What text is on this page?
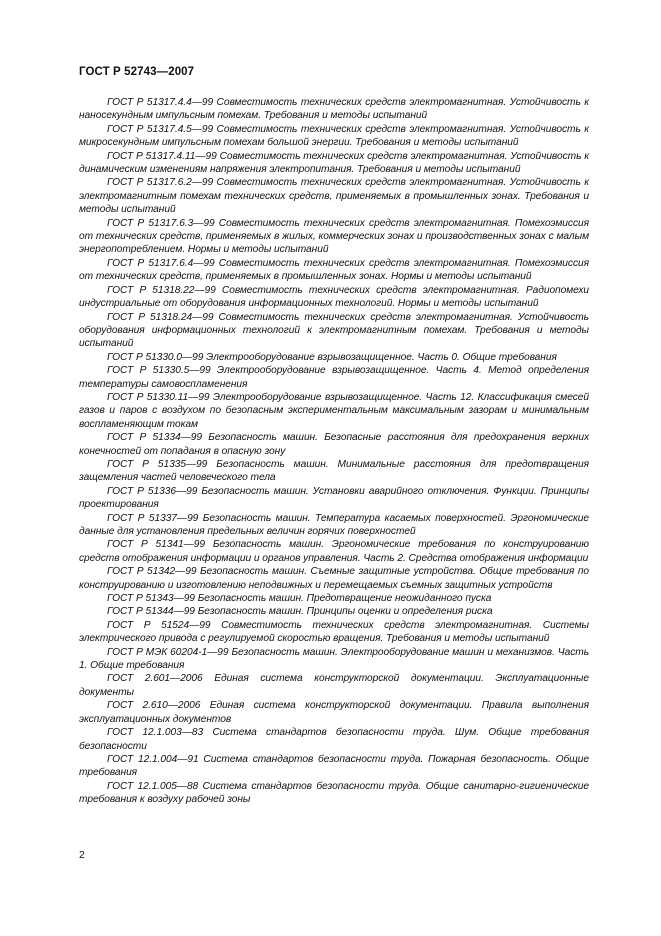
ГОСТ Р 52743—2007

ГОСТ Р 51317.4.4—99 Совместимость технических средств электромагнитная. Устойчивость к наносекундным импульсным помехам. Требования и методы испытаний

ГОСТ Р 51317.4.5—99 Совместимость технических средств электромагнитная. Устойчивость к микросекундным импульсным помехам большой энергии. Требования и методы испытаний

ГОСТ Р 51317.4.11—99 Совместимость технических средств электромагнитная. Устойчивость к динамическим изменениям напряжения электропитания. Требования и методы испытаний

ГОСТ Р 51317.6.2—99 Совместимость технических средств электромагнитная. Устойчивость к электромагнитным помехам технических средств, применяемых в промышленных зонах. Требования и методы испытаний

ГОСТ Р 51317.6.3—99 Совместимость технических средств электромагнитная. Помехоэмиссия от технических средств, применяемых в жилых, коммерческих зонах и производственных зонах с малым энергопотреблением. Нормы и методы испытаний

ГОСТ Р 51317.6.4—99 Совместимость технических средств электромагнитная. Помехоэмиссия от технических средств, применяемых в промышленных зонах. Нормы и методы испытаний

ГОСТ Р 51318.22—99 Совместимость технических средств электромагнитная. Радиопомехи индустриальные от оборудования информационных технологий. Нормы и методы испытаний

ГОСТ Р 51318.24—99 Совместимость технических средств электромагнитная. Устойчивость оборудования информационных технологий к электромагнитным помехам. Требования и методы испытаний

ГОСТ Р 51330.0—99 Электрооборудование взрывозащищенное. Часть 0. Общие требования

ГОСТ Р 51330.5—99 Электрооборудование взрывозащищенное. Часть 4. Метод определения температуры самовоспламенения

ГОСТ Р 51330.11—99 Электрооборудование взрывозащищенное. Часть 12. Классификация смесей газов и паров с воздухом по безопасным экспериментальным максимальным зазорам и минимальным воспламеняющим токам

ГОСТ Р 51334—99 Безопасность машин. Безопасные расстояния для предохранения верхних конечностей от попадания в опасную зону

ГОСТ Р 51335—99 Безопасность машин. Минимальные расстояния для предотвращения защемления частей человеческого тела

ГОСТ Р 51336—99 Безопасность машин. Установки аварийного отключения. Функции. Принципы проектирования

ГОСТ Р 51337—99 Безопасность машин. Температура касаемых поверхностей. Эргономические данные для установления предельных величин горячих поверхностей

ГОСТ Р 51341—99 Безопасность машин. Эргономические требования по конструированию средств отображения информации и органов управления. Часть 2. Средства отображения информации

ГОСТ Р 51342—99 Безопасность машин. Съемные защитные устройства. Общие требования по конструированию и изготовлению неподвижных и перемещаемых съемных защитных устройств

ГОСТ Р 51343—99 Безопасность машин. Предотвращение неожиданного пуска

ГОСТ Р 51344—99 Безопасность машин. Принципы оценки и определения риска

ГОСТ Р 51524—99 Совместимость технических средств электромагнитная. Системы электрического привода с регулируемой скоростью вращения. Требования и методы испытаний

ГОСТ Р МЭК 60204-1—99 Безопасность машин. Электрооборудование машин и механизмов. Часть 1. Общие требования

ГОСТ 2.601—2006 Единая система конструкторской документации. Эксплуатационные документы

ГОСТ 2.610—2006 Единая система конструкторской документации. Правила выполнения эксплуатационных документов

ГОСТ 12.1.003—83 Система стандартов безопасности труда. Шум. Общие требования безопасности

ГОСТ 12.1.004—91 Система стандартов безопасности труда. Пожарная безопасность. Общие требования

ГОСТ 12.1.005—88 Система стандартов безопасности труда. Общие санитарно-гигиенические требования к воздуху рабочей зоны

2
